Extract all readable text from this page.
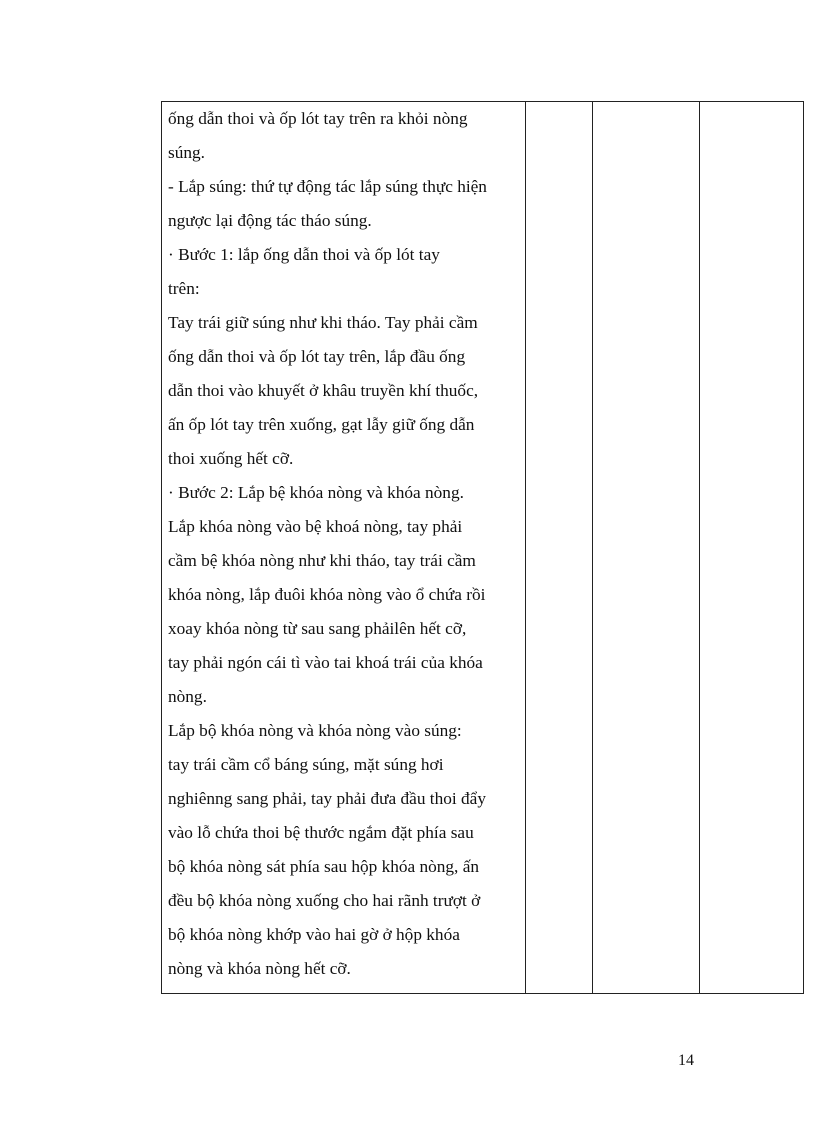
ống dẫn thoi và ốp lót tay trên ra khỏi nòng
súng.
- Lắp súng: thứ tự động tác lắp súng thực hiện
ngược lại động tác tháo súng.
· Bước 1: lắp ống dẫn thoi và ốp lót tay
trên:
Tay trái giữ súng như khi tháo. Tay phải cầm
ống dẫn thoi và ốp lót tay trên, lắp đầu ống
dẫn thoi vào khuyết ở khâu truyền khí thuốc,
ấn ốp lót tay trên xuống, gạt lẫy giữ ống dẫn
thoi xuống hết cỡ.
· Bước 2: Lắp bệ khóa nòng và khóa nòng.
Lắp khóa nòng vào bệ khoá nòng, tay phải
cầm bệ khóa nòng như khi tháo, tay trái cầm
khóa nòng, lắp đuôi khóa nòng vào ổ chứa rồi
xoay khóa nòng từ sau sang phảilên hết cỡ,
tay phải ngón cái tì vào tai khoá trái của khóa
nòng.
Lắp bộ khóa nòng và khóa nòng vào súng:
tay trái cầm cổ báng súng, mặt súng hơi
nghiênng sang phải, tay phải đưa đầu thoi đẩy
vào lỗ chứa thoi bệ thước ngắm đặt phía sau
bộ khóa nòng sát phía sau hộp khóa nòng, ấn
đều bộ khóa nòng xuống cho hai rãnh trượt ở
bộ khóa nòng khớp vào hai gờ ở hộp khóa
nòng và khóa nòng hết cỡ.

14
